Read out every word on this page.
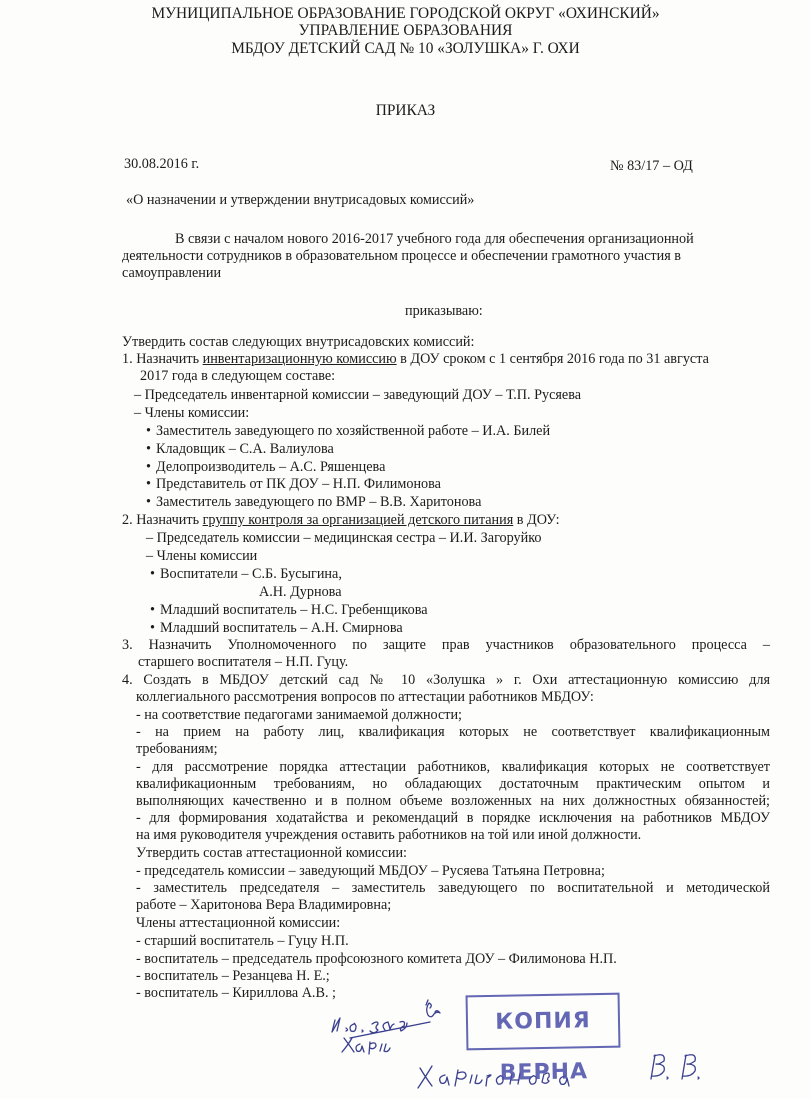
МУНИЦИПАЛЬНОЕ ОБРАЗОВАНИЕ ГОРОДСКОЙ ОКРУГ «ОХИНСКИЙ»
УПРАВЛЕНИЕ ОБРАЗОВАНИЯ
МБДОУ ДЕТСКИЙ САД № 10 «ЗОЛУШКА» Г. ОХИ
ПРИКАЗ
30.08.2016 г.	№ 83/17 – ОД
«О назначении и утверждении внутрисадовых комиссий»
В связи с началом нового 2016-2017 учебного года для обеспечения организационной
деятельности сотрудников в образовательном процессе и обеспечении грамотного участия в
самоуправлении
приказываю:
Утвердить состав следующих внутрисадовских комиссий:
1. Назначить инвентаризационную комиссию в ДОУ сроком с 1 сентября 2016 года по 31 августа
2017 года в следующем составе:
– Председатель инвентарной комиссии – заведующий ДОУ – Т.П. Русяева
– Члены комиссии:
• Заместитель заведующего по хозяйственной работе – И.А. Билей
• Кладовщик – С.А. Валиулова
• Делопроизводитель – А.С. Ряшенцева
• Представитель от ПК ДОУ – Н.П. Филимонова
• Заместитель заведующего по ВМР – В.В. Харитонова
2. Назначить группу контроля за организацией детского питания в ДОУ:
– Председатель комиссии – медицинская сестра – И.И. Загоруйко
– Члены комиссии
• Воспитатели – С.Б. Бусыгина,
А.Н. Дурнова
• Младший воспитатель – Н.С. Гребенщикова
• Младший воспитатель – А.Н. Смирнова
3. Назначить Уполномоченного по защите прав участников образовательного процесса –
старшего воспитателя – Н.П. Гуцу.
4. Создать в МБДОУ детский сад № 10 «Золушка » г. Охи аттестационную комиссию для
коллегиального рассмотрения вопросов по аттестации работников МБДОУ:
- на соответствие педагогами занимаемой должности;
- на прием на работу лиц, квалификация которых не соответствует квалификационным
требованиям;
- для рассмотрение порядка аттестации работников, квалификация которых не соответствует
квалификационным требованиям, но обладающих достаточным практическим опытом и
выполняющих качественно и в полном объеме возложенных на них должностных обязанностей;
- для формирования ходатайства и рекомендаций в порядке исключения на работников МБДОУ
на имя руководителя учреждения оставить работников на той или иной должности.
Утвердить состав аттестационной комиссии:
- председатель комиссии – заведующий МБДОУ – Русяева Татьяна Петровна;
- заместитель председателя – заместитель заведующего по воспитательной и методической
работе – Харитонова Вера Владимировна;
Члены аттестационной комиссии:
- старший воспитатель – Гуцу Н.П.
- воспитатель – председатель профсоюзного комитета ДОУ – Филимонова Н.П.
- воспитатель – Резанцева Н. Е.;
- воспитатель – Кириллова А.В. ;
КОПИЯ ВЕРНА
